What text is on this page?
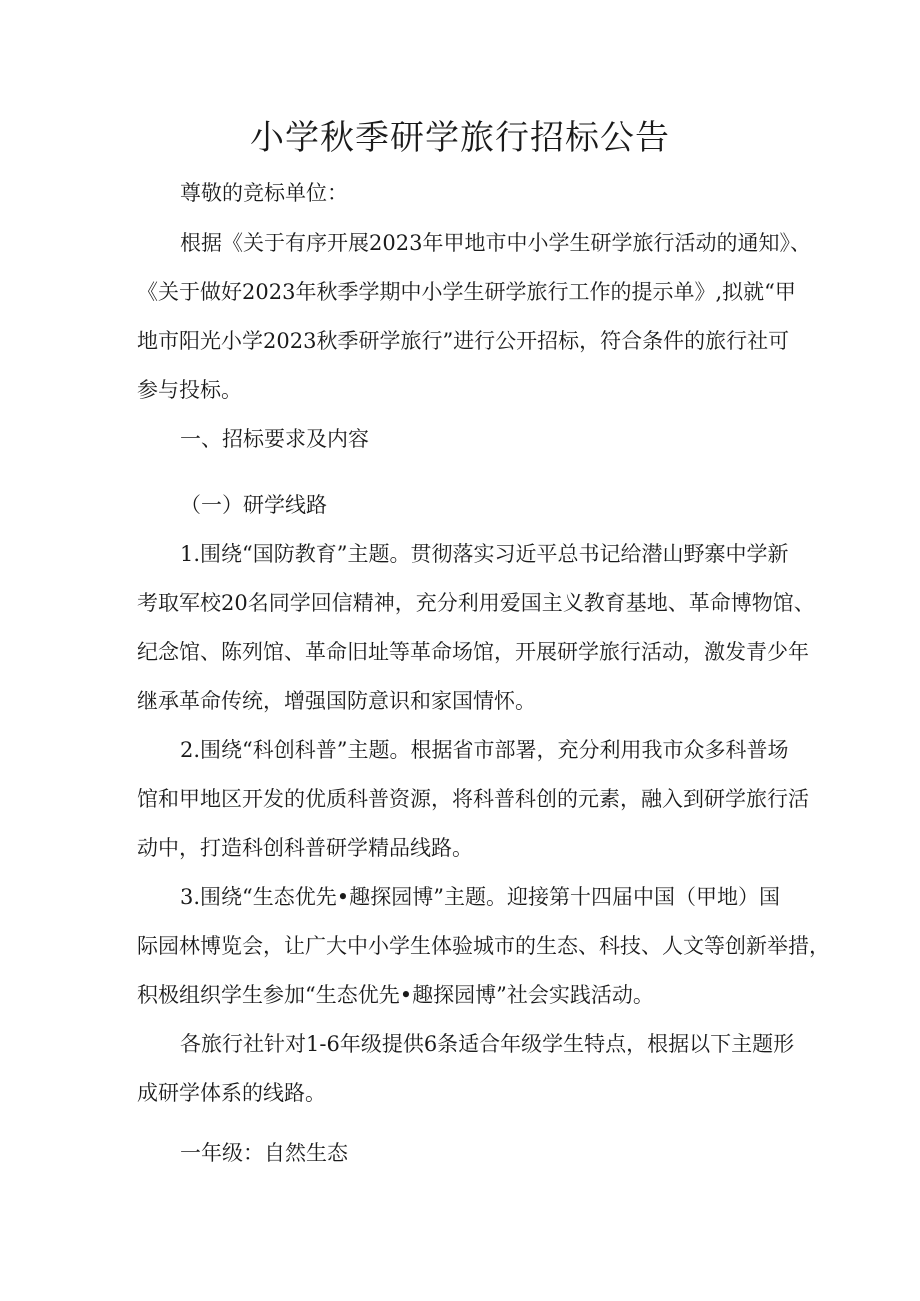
小学秋季研学旅行招标公告
尊敬的竞标单位：
根据《关于有序开展2023年甲地市中小学生研学旅行活动的通知》、
《关于做好2023年秋季学期中小学生研学旅行工作的提示单》,拟就“甲
地市阳光小学2023秋季研学旅行”进行公开招标，符合条件的旅行社可
参与投标。
一、招标要求及内容
（一）研学线路
1.围绕“国防教育”主题。贯彻落实习近平总书记给潜山野寨中学新
考取军校20名同学回信精神，充分利用爱国主义教育基地、革命博物馆、
纪念馆、陈列馆、革命旧址等革命场馆，开展研学旅行活动，激发青少年
继承革命传统，增强国防意识和家国情怀。
2.围绕“科创科普”主题。根据省市部署，充分利用我市众多科普场
馆和甲地区开发的优质科普资源，将科普科创的元素，融入到研学旅行活
动中，打造科创科普研学精品线路。
3.围绕“生态优先•趣探园博”主题。迎接第十四届中国（甲地）国
际园林博览会，让广大中小学生体验城市的生态、科技、人文等创新举措，
积极组织学生参加“生态优先•趣探园博”社会实践活动。
各旅行社针对1-6年级提供6条适合年级学生特点，根据以下主题形
成研学体系的线路。
一年级：自然生态
